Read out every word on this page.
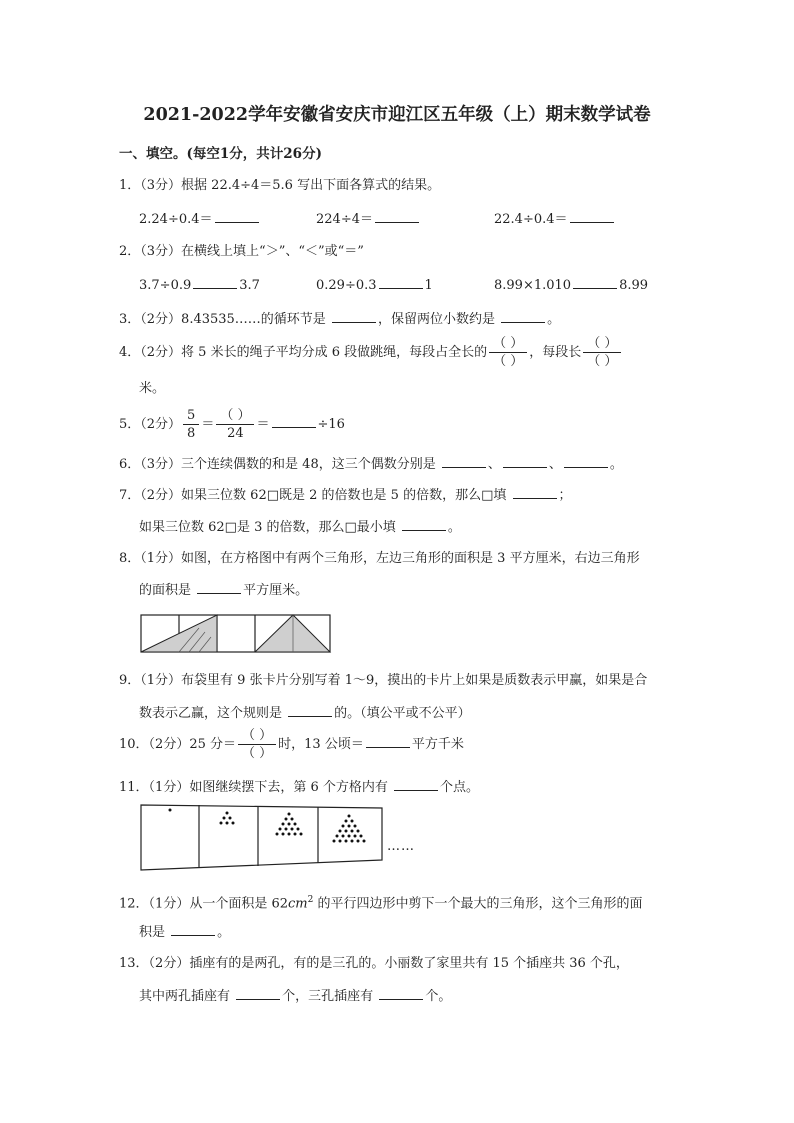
2021-2022学年安徽省安庆市迎江区五年级（上）期末数学试卷
一、填空。(每空1分，共计26分)
1．（3分）根据 22.4÷4＝5.6 写出下面各算式的结果。
2.24÷0.4＝	224÷4＝	22.4÷0.4＝
2．（3分）在横线上填上“＞”、“＜”或“＝”
3.7÷0.9	3.7	0.29÷0.3	1	8.99×1.010	8.99
3．（2分）8.43535……的循环节是	，保留两位小数约是	。
4．（2分）将 5 米长的绳子平均分成 6 段做跳绳，每段占全长的 $\frac{( )}{( )}$ ，每段长 $\frac{( )}{( )}$
米。
5．（2分） $\frac{5}{8} = \frac{( )}{24}$ ＝	÷16
6．（3分）三个连续偶数的和是 48，这三个偶数分别是	、	、	。
7．（2分）如果三位数 62□既是 2 的倍数也是 5 的倍数，那么□填	；
如果三位数 62□是 3 的倍数，那么□最小填	。
8．（1分）如图，在方格图中有两个三角形，左边三角形的面积是 3 平方厘米，右边三角形
的面积是	平方厘米。
9．（1分）布袋里有 9 张卡片分别写着 1～9，摸出的卡片上如果是质数表示甲赢，如果是合
数表示乙赢，这个规则是	的。（填公平或不公平）
10．（2分）25 分＝ $\frac{( )}{( )}$ 时，13 公顷＝	平方千米
11．（1分）如图继续摆下去，第 6 个方格内有	个点。
……
12．（1分）从一个面积是 $62cm^2$ 的平行四边形中剪下一个最大的三角形，这个三角形的面
积是	。
13．（2分）插座有的是两孔，有的是三孔的。小丽数了家里共有 15 个插座共 36 个孔，
其中两孔插座有	个，三孔插座有	个。
